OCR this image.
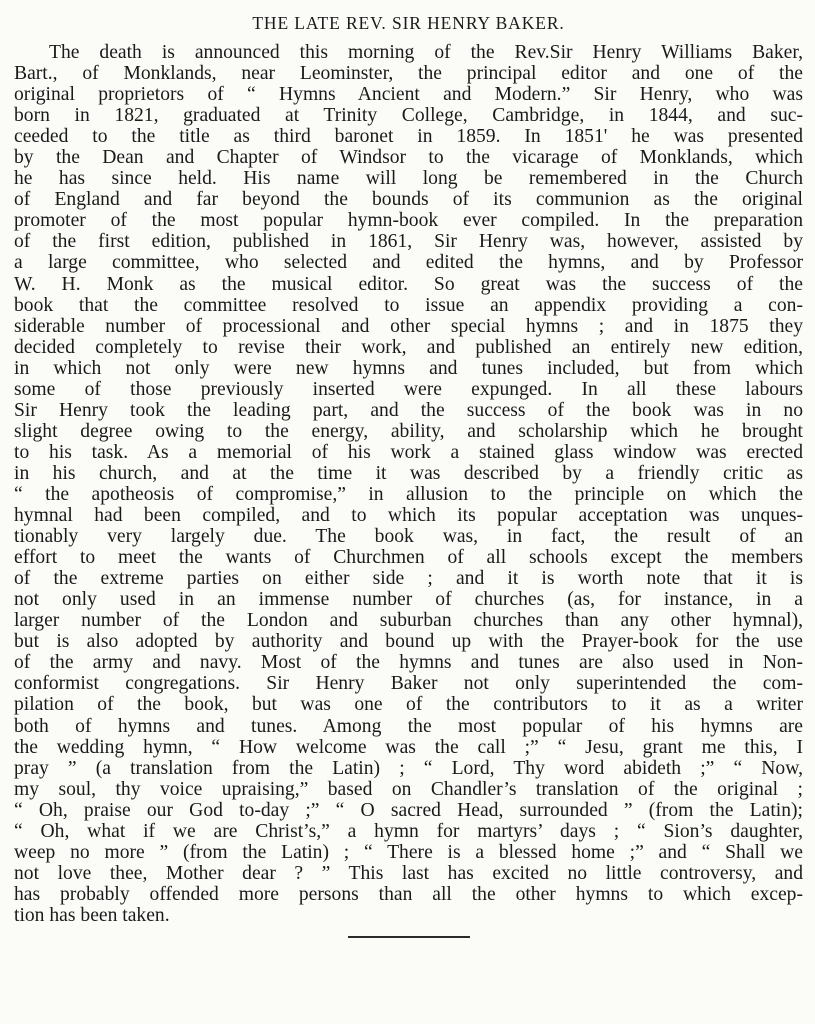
THE LATE REV. SIR HENRY BAKER.
The death is announced this morning of the Rev.Sir Henry Williams Baker,
Bart., of Monklands, near Leominster, the principal editor and one of the
original proprietors of “ Hymns Ancient and Modern.” Sir Henry, who was
born in 1821, graduated at Trinity College, Cambridge, in 1844, and suc-
ceeded to the title as third baronet in 1859. In 1851' he was presented
by the Dean and Chapter of Windsor to the vicarage of Monklands, which
he has since held. His name will long be remembered in the Church
of England and far beyond the bounds of its communion as the original
promoter of the most popular hymn-book ever compiled. In the preparation
of the first edition, published in 1861, Sir Henry was, however, assisted by
a large committee, who selected and edited the hymns, and by Professor
W. H. Monk as the musical editor. So great was the success of the
book that the committee resolved to issue an appendix providing a con-
siderable number of processional and other special hymns ; and in 1875 they
decided completely to revise their work, and published an entirely new edition,
in which not only were new hymns and tunes included, but from which
some of those previously inserted were expunged. In all these labours
Sir Henry took the leading part, and the success of the book was in no
slight degree owing to the energy, ability, and scholarship which he brought
to his task. As a memorial of his work a stained glass window was erected
in his church, and at the time it was described by a friendly critic as
“ the apotheosis of compromise,” in allusion to the principle on which the
hymnal had been compiled, and to which its popular acceptation was unques-
tionably very largely due. The book was, in fact, the result of an
effort to meet the wants of Churchmen of all schools except the members
of the extreme parties on either side ; and it is worth note that it is
not only used in an immense number of churches (as, for instance, in a
larger number of the London and suburban churches than any other hymnal),
but is also adopted by authority and bound up with the Prayer-book for the use
of the army and navy. Most of the hymns and tunes are also used in Non-
conformist congregations. Sir Henry Baker not only superintended the com-
pilation of the book, but was one of the contributors to it as a writer
both of hymns and tunes. Among the most popular of his hymns are
the wedding hymn, “ How welcome was the call ;” “ Jesu, grant me this, I
pray ” (a translation from the Latin) ; “ Lord, Thy word abideth ;” “ Now,
my soul, thy voice upraising,” based on Chandler’s translation of the original ;
“ Oh, praise our God to-day ;” “ O sacred Head, surrounded ” (from the Latin);
“ Oh, what if we are Christ’s,” a hymn for martyrs’ days ; “ Sion’s daughter,
weep no more ” (from the Latin) ; “ There is a blessed home ;” and “ Shall we
not love thee, Mother dear ? ” This last has excited no little controversy, and
has probably offended more persons than all the other hymns to which excep-
tion has been taken.
